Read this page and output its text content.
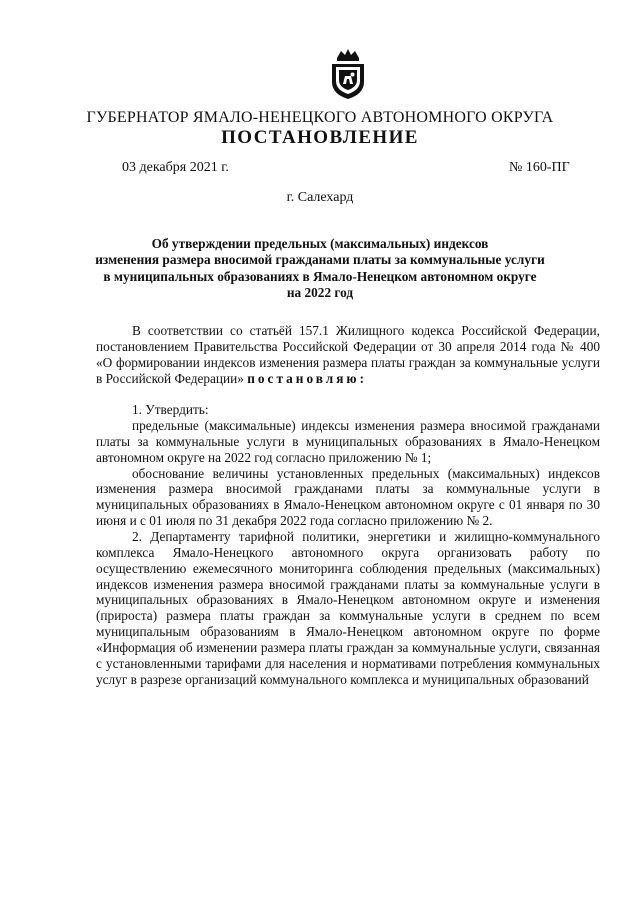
ГУБЕРНАТОР ЯМАЛО-НЕНЕЦКОГО АВТОНОМНОГО ОКРУГА
ПОСТАНОВЛЕНИЕ
03 декабря 2021 г.	№ 160-ПГ
г. Салехард
Об утверждении предельных (максимальных) индексов
изменения размера вносимой гражданами платы за коммунальные услуги
в муниципальных образованиях в Ямало-Ненецком автономном округе
на 2022 год

В соответствии со статьёй 157.1 Жилищного кодекса Российской Федерации, постановлением Правительства Российской Федерации от 30 апреля 2014 года № 400 «О формировании индексов изменения размера платы граждан за коммунальные услуги в Российской Федерации» постановляю:

1. Утвердить:

предельные (максимальные) индексы изменения размера вносимой гражданами платы за коммунальные услуги в муниципальных образованиях в Ямало-Ненецком автономном округе на 2022 год согласно приложению № 1;

обоснование величины установленных предельных (максимальных) индексов изменения размера вносимой гражданами платы за коммунальные услуги в муниципальных образованиях в Ямало-Ненецком автономном округе с 01 января по 30 июня и с 01 июля по 31 декабря 2022 года согласно приложению № 2.

2. Департаменту тарифной политики, энергетики и жилищно-коммунального комплекса Ямало-Ненецкого автономного округа организовать работу по осуществлению ежемесячного мониторинга соблюдения предельных (максимальных) индексов изменения размера вносимой гражданами платы за коммунальные услуги в муниципальных образованиях в Ямало-Ненецком автономном округе и изменения (прироста) размера платы граждан за коммунальные услуги в среднем по всем муниципальным образованиям в Ямало-Ненецком автономном округе по форме «Информация об изменении размера платы граждан за коммунальные услуги, связанная с установленными тарифами для населения и нормативами потребления коммунальных услуг в разрезе организаций коммунального комплекса и муниципальных образований
